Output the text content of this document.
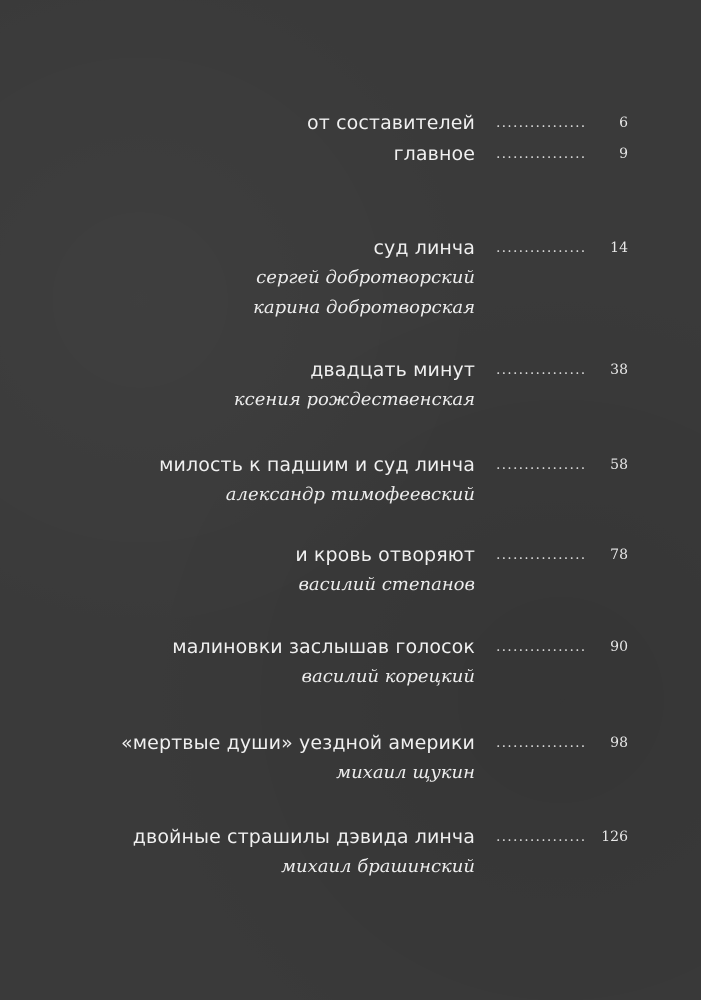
от составителей ................ 6
главное ................ 9
суд линча ................ 14
сергей добротворский
карина добротворская
двадцать минут ................ 38
ксения рождественская
милость к падшим и суд линча ................ 58
александр тимофеевский
и кровь отворяют ................ 78
василий степанов
малиновки заслышав голосок ................ 90
василий корецкий
«мертвые души» уездной америки ................ 98
михаил щукин
двойные страшилы дэвида линча ................ 126
михаил брашинский
